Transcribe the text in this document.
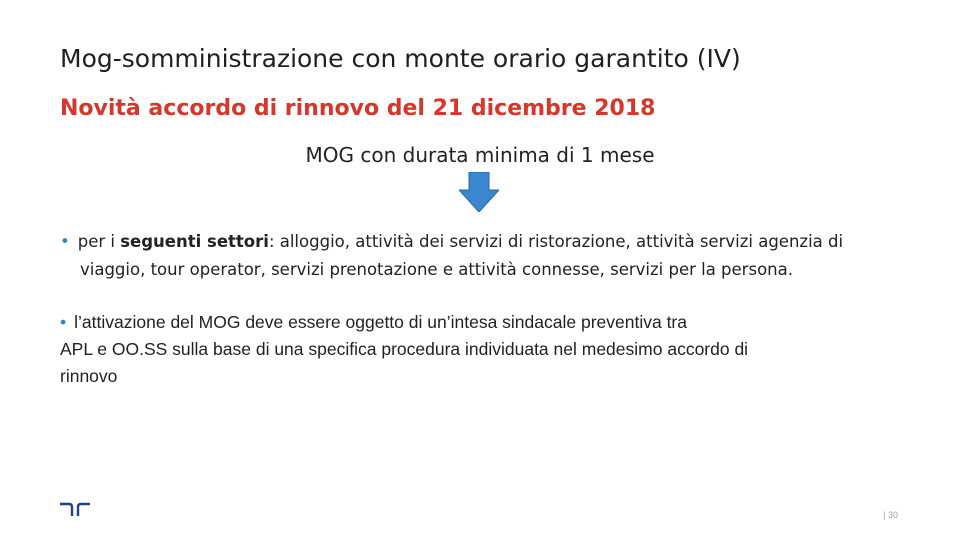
Mog-somministrazione con monte orario garantito (IV)
Novità accordo di rinnovo del 21 dicembre 2018
MOG con durata minima di 1 mese
• per i seguenti settori: alloggio, attività dei servizi di ristorazione, attività servizi agenzia di
viaggio, tour operator, servizi prenotazione e attività connesse, servizi per la persona.
• l’attivazione del MOG deve essere oggetto di un’intesa sindacale preventiva tra
APL e OO.SS sulla base di una specifica procedura individuata nel medesimo accordo di
rinnovo
| 30
